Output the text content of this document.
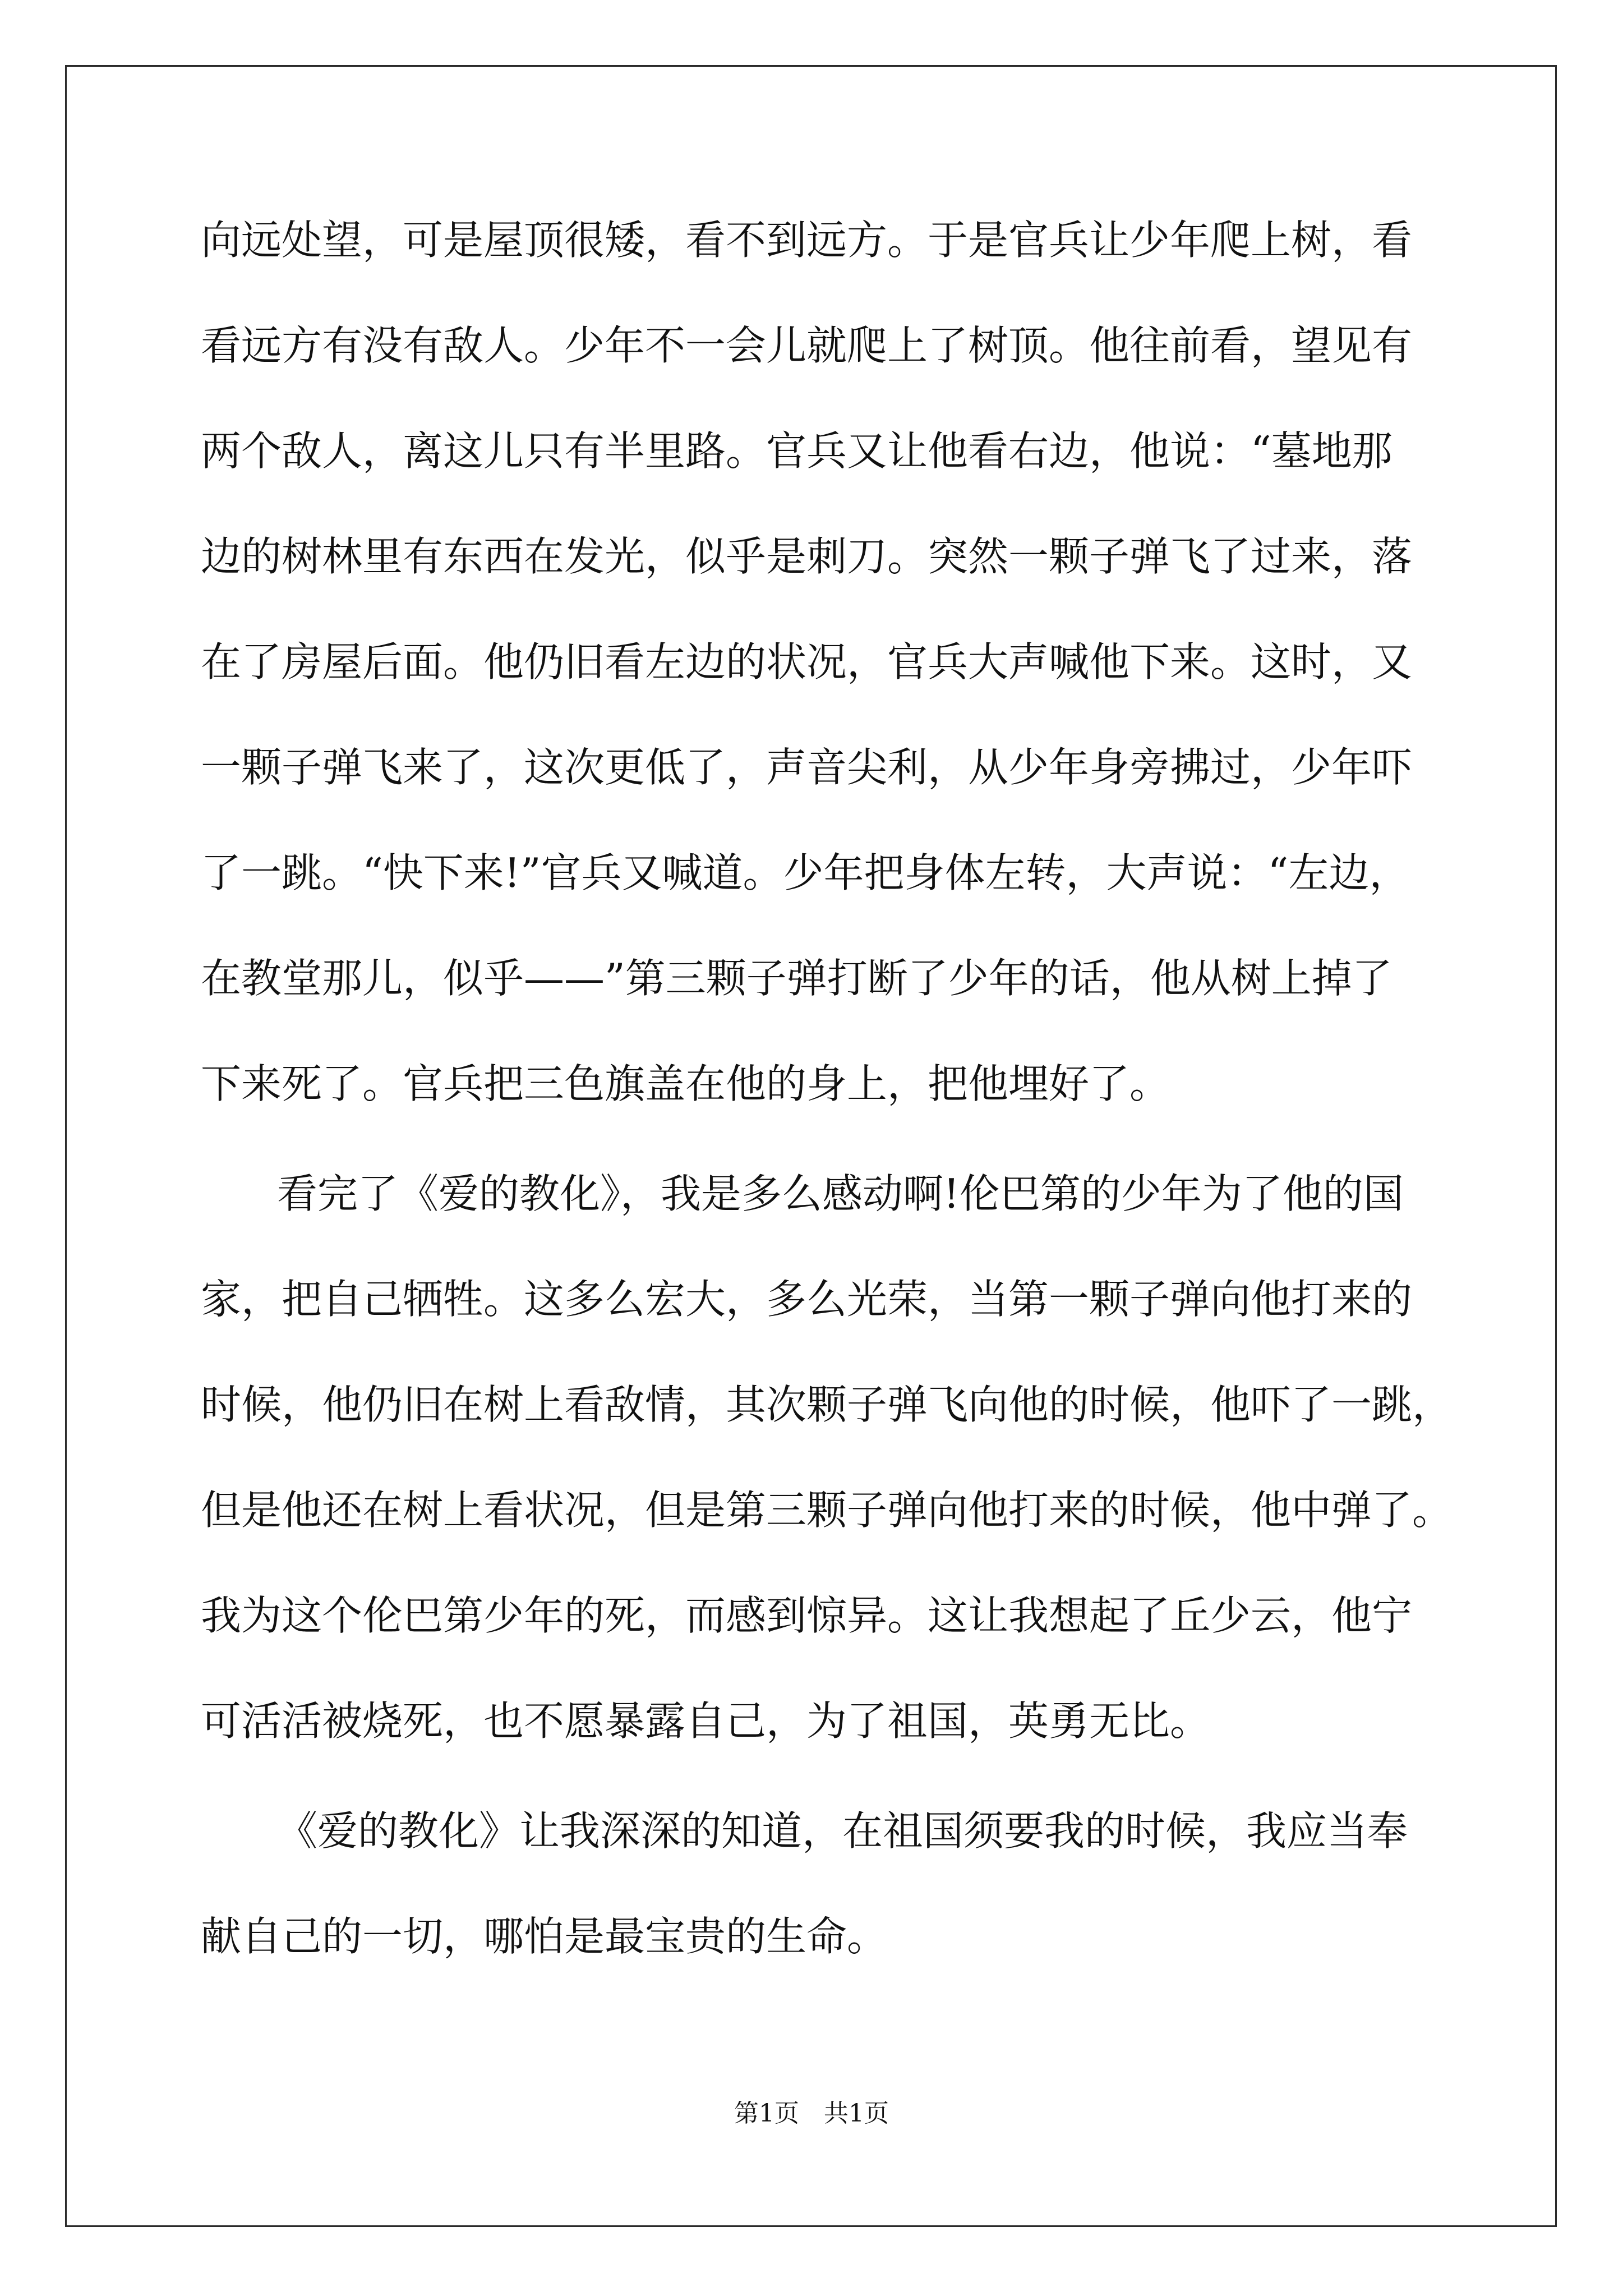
向远处望，可是屋顶很矮，看不到远方。于是官兵让少年爬上树，看
看远方有没有敌人。少年不一会儿就爬上了树顶。他往前看，望见有
两个敌人，离这儿只有半里路。官兵又让他看右边，他说：“墓地那
边的树林里有东西在发光，似乎是刺刀。突然一颗子弹飞了过来，落
在了房屋后面。他仍旧看左边的状况，官兵大声喊他下来。这时，又
一颗子弹飞来了，这次更低了，声音尖利，从少年身旁拂过，少年吓
了一跳。“快下来!”官兵又喊道。少年把身体左转，大声说：“左边，
在教堂那儿，似乎——”第三颗子弹打断了少年的话，他从树上掉了
下来死了。官兵把三色旗盖在他的身上，把他埋好了。
看完了《爱的教化》，我是多么感动啊!伦巴第的少年为了他的国
家，把自己牺牲。这多么宏大，多么光荣，当第一颗子弹向他打来的
时候，他仍旧在树上看敌情，其次颗子弹飞向他的时候，他吓了一跳，
但是他还在树上看状况，但是第三颗子弹向他打来的时候，他中弹了。
我为这个伦巴第少年的死，而感到惊异。这让我想起了丘少云，他宁
可活活被烧死，也不愿暴露自己，为了祖国，英勇无比。
《爱的教化》让我深深的知道，在祖国须要我的时候，我应当奉
献自己的一切，哪怕是最宝贵的生命。
第1页　共1页
